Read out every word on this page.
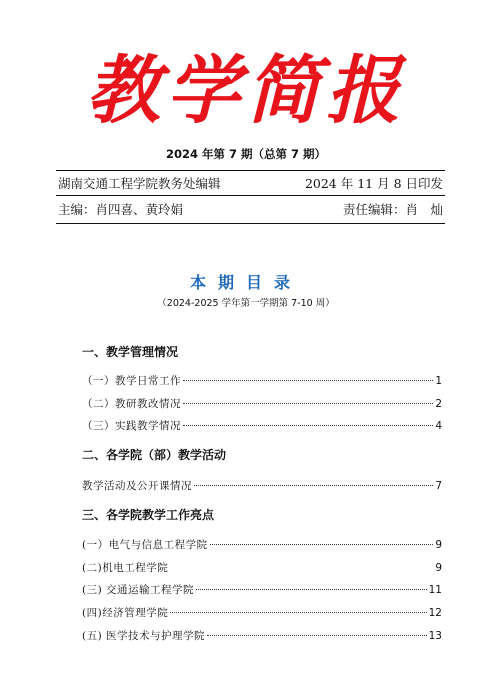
教学简报
2024 年第 7 期（总第 7 期）
湖南交通工程学院教务处编辑	2024 年 11 月 8 日印发
主编：肖四喜、黄玲娟	责任编辑：肖　灿
本期目录
（2024-2025 学年第一学期第 7-10 周）
一、教学管理情况
（一）教学日常工作	1
（二）教研教改情况	2
（三）实践教学情况	4
二、各学院（部）教学活动
教学活动及公开课情况	7
三、各学院教学工作亮点
(一）电气与信息工程学院	9
(二)机电工程学院	9
(三) 交通运输工程学院	11
(四)经济管理学院	12
(五) 医学技术与护理学院	13
